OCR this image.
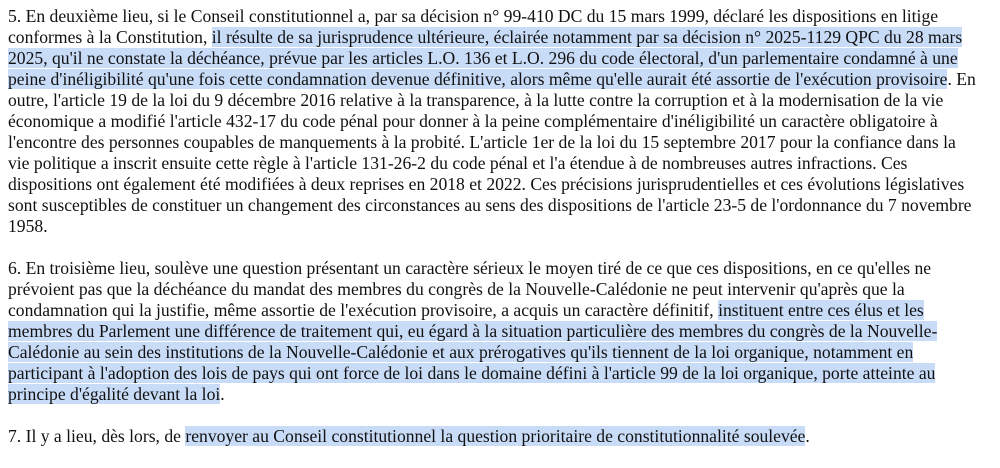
5. En deuxième lieu, si le Conseil constitutionnel a, par sa décision n° 99-410 DC du 15 mars 1999, déclaré les dispositions en litige conformes à la Constitution, il résulte de sa jurisprudence ultérieure, éclairée notamment par sa décision n° 2025-1129 QPC du 28 mars 2025, qu'il ne constate la déchéance, prévue par les articles L.O. 136 et L.O. 296 du code électoral, d'un parlementaire condamné à une peine d'inéligibilité qu'une fois cette condamnation devenue définitive, alors même qu'elle aurait été assortie de l'exécution provisoire. En outre, l'article 19 de la loi du 9 décembre 2016 relative à la transparence, à la lutte contre la corruption et à la modernisation de la vie économique a modifié l'article 432-17 du code pénal pour donner à la peine complémentaire d'inéligibilité un caractère obligatoire à l'encontre des personnes coupables de manquements à la probité. L'article 1er de la loi du 15 septembre 2017 pour la confiance dans la vie politique a inscrit ensuite cette règle à l'article 131-26-2 du code pénal et l'a étendue à de nombreuses autres infractions. Ces dispositions ont également été modifiées à deux reprises en 2018 et 2022. Ces précisions jurisprudentielles et ces évolutions législatives sont susceptibles de constituer un changement des circonstances au sens des dispositions de l'article 23-5 de l'ordonnance du 7 novembre 1958.

6. En troisième lieu, soulève une question présentant un caractère sérieux le moyen tiré de ce que ces dispositions, en ce qu'elles ne prévoient pas que la déchéance du mandat des membres du congrès de la Nouvelle-Calédonie ne peut intervenir qu'après que la condamnation qui la justifie, même assortie de l'exécution provisoire, a acquis un caractère définitif, instituent entre ces élus et les membres du Parlement une différence de traitement qui, eu égard à la situation particulière des membres du congrès de la Nouvelle-Calédonie au sein des institutions de la Nouvelle-Calédonie et aux prérogatives qu'ils tiennent de la loi organique, notamment en participant à l'adoption des lois de pays qui ont force de loi dans le domaine défini à l'article 99 de la loi organique, porte atteinte au principe d'égalité devant la loi.

7. Il y a lieu, dès lors, de renvoyer au Conseil constitutionnel la question prioritaire de constitutionnalité soulevée.
